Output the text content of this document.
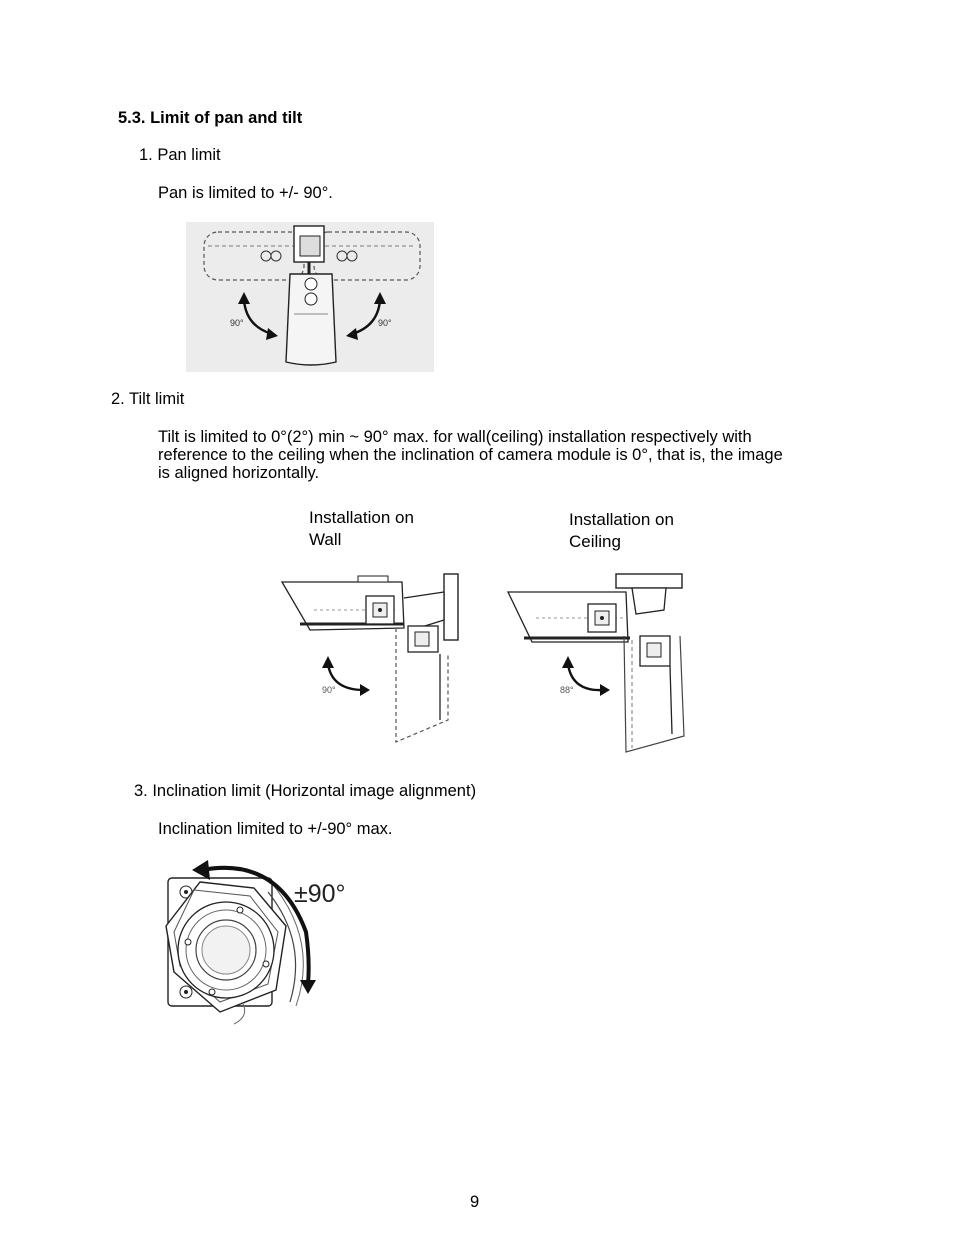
5.3. Limit of pan and tilt
1. Pan limit
Pan is limited to +/- 90°.
90°	90°
2. Tilt limit
Tilt is limited to 0°(2°) min ~ 90° max. for wall(ceiling) installation respectively with
reference to the ceiling when the inclination of camera module is 0°, that is, the image
is aligned horizontally.
Installation on
Wall
Installation on
Ceiling
90°	88°
3. Inclination limit (Horizontal image alignment)
Inclination limited to +/-90° max.
±90°
9
